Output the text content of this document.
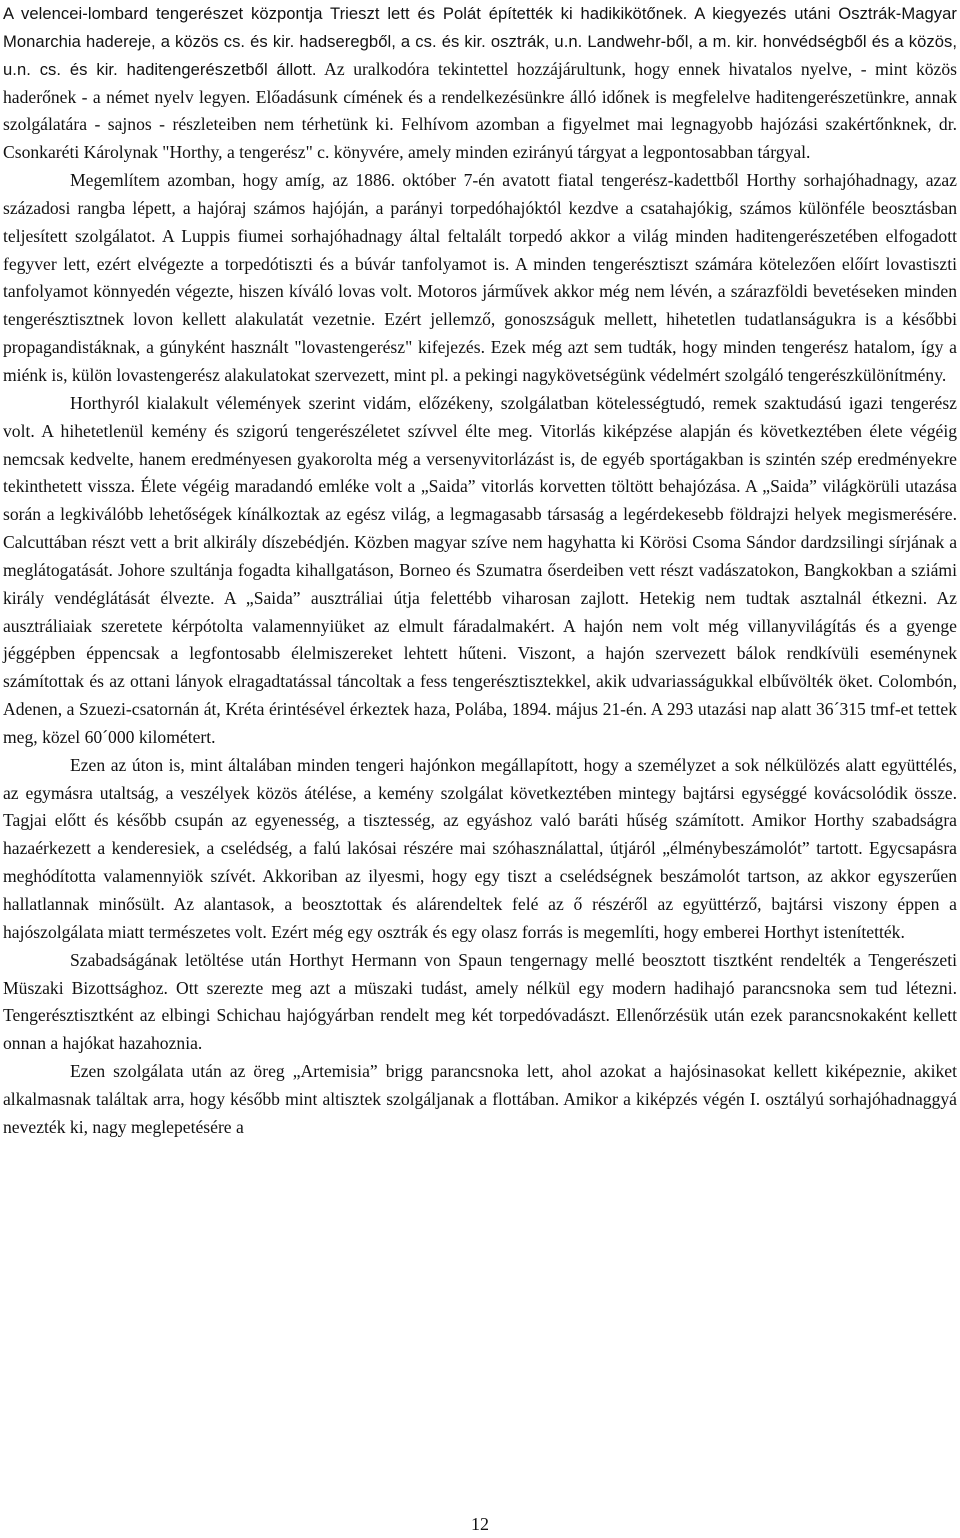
A velencei-lombard tengerészet központja Trieszt lett és Polát építették ki hadikikötőnek. A kiegyezés utáni Osztrák-Magyar Monarchia hadereje, a közös cs. és kir. hadseregből, a cs. és kir. osztrák, u.n. Landwehr-ből, a m. kir. honvédségből és a közös, u.n. cs. és kir. haditengerészetből állott. Az uralkodóra tekintettel hozzájárultunk, hogy ennek hivatalos nyelve, - mint közös haderőnek - a német nyelv legyen. Előadásunk címének és a rendelkezésünkre álló időnek is megfelelve haditengerészetünkre, annak szolgálatára - sajnos - részleteiben nem térhetünk ki. Felhívom azomban a figyelmet mai legnagyobb hajózási szakértőnknek, dr. Csonkaréti Károlynak "Horthy, a tengerész" c. könyvére, amely minden ezirányú tárgyat a legpontosabban tárgyal.

Megemlítem azomban, hogy amíg, az 1886. október 7-én avatott fiatal tengerész-kadettből Horthy sorhajóhadnagy, azaz századosi rangba lépett, a hajóraj számos hajóján, a parányi torpedóhajóktól kezdve a csatahajókig, számos különféle beosztásban teljesített szolgálatot. A Luppis fiumei sorhajóhadnagy által feltalált torpedó akkor a világ minden haditengerészetében elfogadott fegyver lett, ezért elvégezte a torpedótiszti és a búvár tanfolyamot is. A minden tengerésztiszt számára kötelezően előírt lovastiszti tanfolyamot könnyedén végezte, hiszen kíváló lovas volt. Motoros járművek akkor még nem lévén, a szárazföldi bevetéseken minden tengerésztisztnek lovon kellett alakulatát vezetnie. Ezért jellemző, gonoszságuk mellett, hihetetlen tudatlanságukra is a későbbi propagandistáknak, a gúnyként használt "lovastengerész" kifejezés. Ezek még azt sem tudták, hogy minden tengerész hatalom, így a miénk is, külön lovastengerész alakulatokat szervezett, mint pl. a pekingi nagykövetségünk védelmért szolgáló tengerészkülönítmény.

Horthyról kialakult vélemények szerint vidám, előzékeny, szolgálatban kötelességtudó, remek szaktudású igazi tengerész volt. A hihetetlenül kemény és szigorú tengerészéletet szívvel élte meg. Vitorlás kiképzése alapján és következtében élete végéig nemcsak kedvelte, hanem eredményesen gyakorolta még a versenyvitorlázást is, de egyéb sportágakban is szintén szép eredményekre tekinthetett vissza. Élete végéig maradandó emléke volt a „Saida” vitorlás korvetten töltött behajózása. A „Saida” világkörüli utazása során a legkiválóbb lehetőségek kínálkoztak az egész világ, a legmagasabb társaság a legérdekesebb földrajzi helyek megismerésére. Calcuttában részt vett a brit alkirály díszebédjén. Közben magyar szíve nem hagyhatta ki Körösi Csoma Sándor dardzsilingi sírjának a meglátogatását. Johore szultánja fogadta kihallgatáson, Borneo és Szumatra őserdeiben vett részt vadászatokon, Bangkokban a sziámi király vendéglátását élvezte. A „Saida” ausztráliai útja felettébb viharosan zajlott. Hetekig nem tudtak asztalnál étkezni. Az ausztráliaiak szeretete kérpótolta valamennyiüket az elmult fáradalmakért. A hajón nem volt még villanyvilágítás és a gyenge jéggépben éppencsak a legfontosabb élelmiszereket lehtett hűteni. Viszont, a hajón szervezett bálok rendkívüli eseménynek számítottak és az ottani lányok elragadtatással táncoltak a fess tengerésztisztekkel, akik udvariasságukkal elbűvölték öket. Colombón, Adenen, a Szuezi-csatornán át, Kréta érintésével érkeztek haza, Polába, 1894. május 21-én. A 293 utazási nap alatt 36´315 tmf-et tettek meg, közel 60´000 kilométert.

Ezen az úton is, mint általában minden tengeri hajónkon megállapított, hogy a személyzet a sok nélkülözés alatt együttélés, az egymásra utaltság, a veszélyek közös átélése, a kemény szolgálat következtében mintegy bajtársi egységgé kovácsolódik össze. Tagjai előtt és később csupán az egyenesség, a tisztesség, az egyáshoz való baráti hűség számított. Amikor Horthy szabadságra hazaérkezett a kenderesiek, a cselédség, a falú lakósai részére mai szóhasználattal, útjáról „élménybeszámolót” tartott. Egycsapásra meghódította valamennyiök szívét. Akkoriban az ilyesmi, hogy egy tiszt a cselédségnek beszámolót tartson, az akkor egyszerűen hallatlannak minősült. Az alantasok, a beosztottak és alárendeltek felé az ő részéről az együttérző, bajtársi viszony éppen a hajószolgálata miatt természetes volt. Ezért még egy osztrák és egy olasz forrás is megemlíti, hogy emberei Horthyt istenítették.

Szabadságának letöltése után Horthyt Hermann von Spaun tengernagy mellé beosztott tisztként rendelték a Tengerészeti Müszaki Bizottsághoz. Ott szerezte meg azt a müszaki tudást, amely nélkül egy modern hadihajó parancsnoka sem tud létezni. Tengerésztisztként az elbingi Schichau hajógyárban rendelt meg két torpedóvadászt. Ellenőrzésük után ezek parancsnokaként kellett onnan a hajókat hazahoznia.

Ezen szolgálata után az öreg „Artemisia” brigg parancsnoka lett, ahol azokat a hajósinasokat kellett kiképeznie, akiket alkalmasnak találtak arra, hogy később mint altisztek szolgáljanak a flottában. Amikor a kiképzés végén I. osztályú sorhajóhadnaggyá nevezték ki, nagy meglepetésére a

12
